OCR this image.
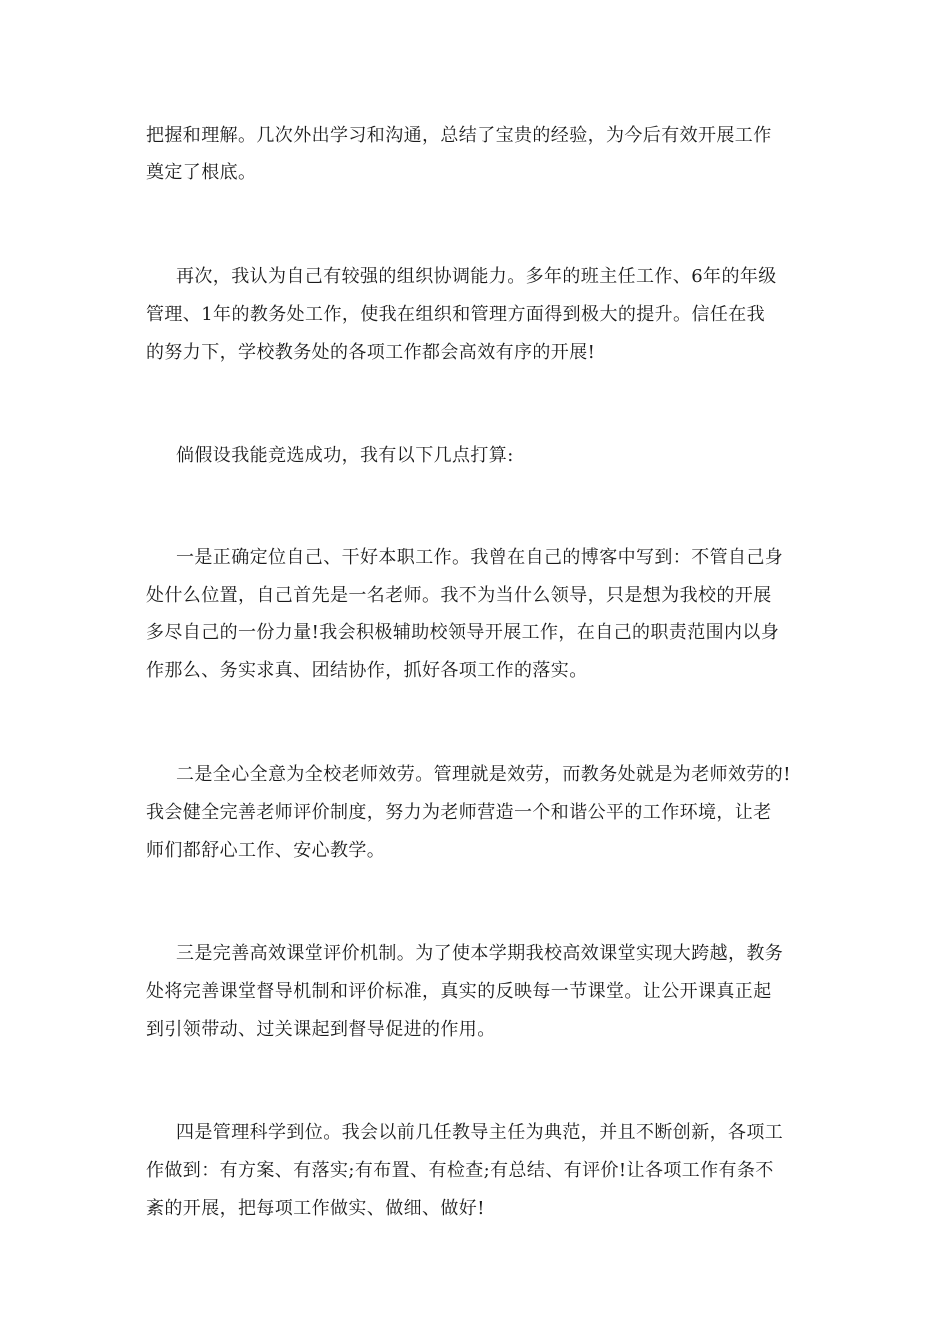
把握和理解。几次外出学习和沟通，总结了宝贵的经验，为今后有效开展工作
奠定了根底。
再次，我认为自己有较强的组织协调能力。多年的班主任工作、6年的年级
管理、1年的教务处工作，使我在组织和管理方面得到极大的提升。信任在我
的努力下，学校教务处的各项工作都会高效有序的开展!
倘假设我能竞选成功，我有以下几点打算:
一是正确定位自己、干好本职工作。我曾在自己的博客中写到：不管自己身
处什么位置，自己首先是一名老师。我不为当什么领导，只是想为我校的开展
多尽自己的一份力量!我会积极辅助校领导开展工作，在自己的职责范围内以身
作那么、务实求真、团结协作，抓好各项工作的落实。
二是全心全意为全校老师效劳。管理就是效劳，而教务处就是为老师效劳的!
我会健全完善老师评价制度，努力为老师营造一个和谐公平的工作环境，让老
师们都舒心工作、安心教学。
三是完善高效课堂评价机制。为了使本学期我校高效课堂实现大跨越，教务
处将完善课堂督导机制和评价标准，真实的反映每一节课堂。让公开课真正起
到引领带动、过关课起到督导促进的作用。
四是管理科学到位。我会以前几任教导主任为典范，并且不断创新，各项工
作做到：有方案、有落实;有布置、有检查;有总结、有评价!让各项工作有条不
紊的开展，把每项工作做实、做细、做好!
